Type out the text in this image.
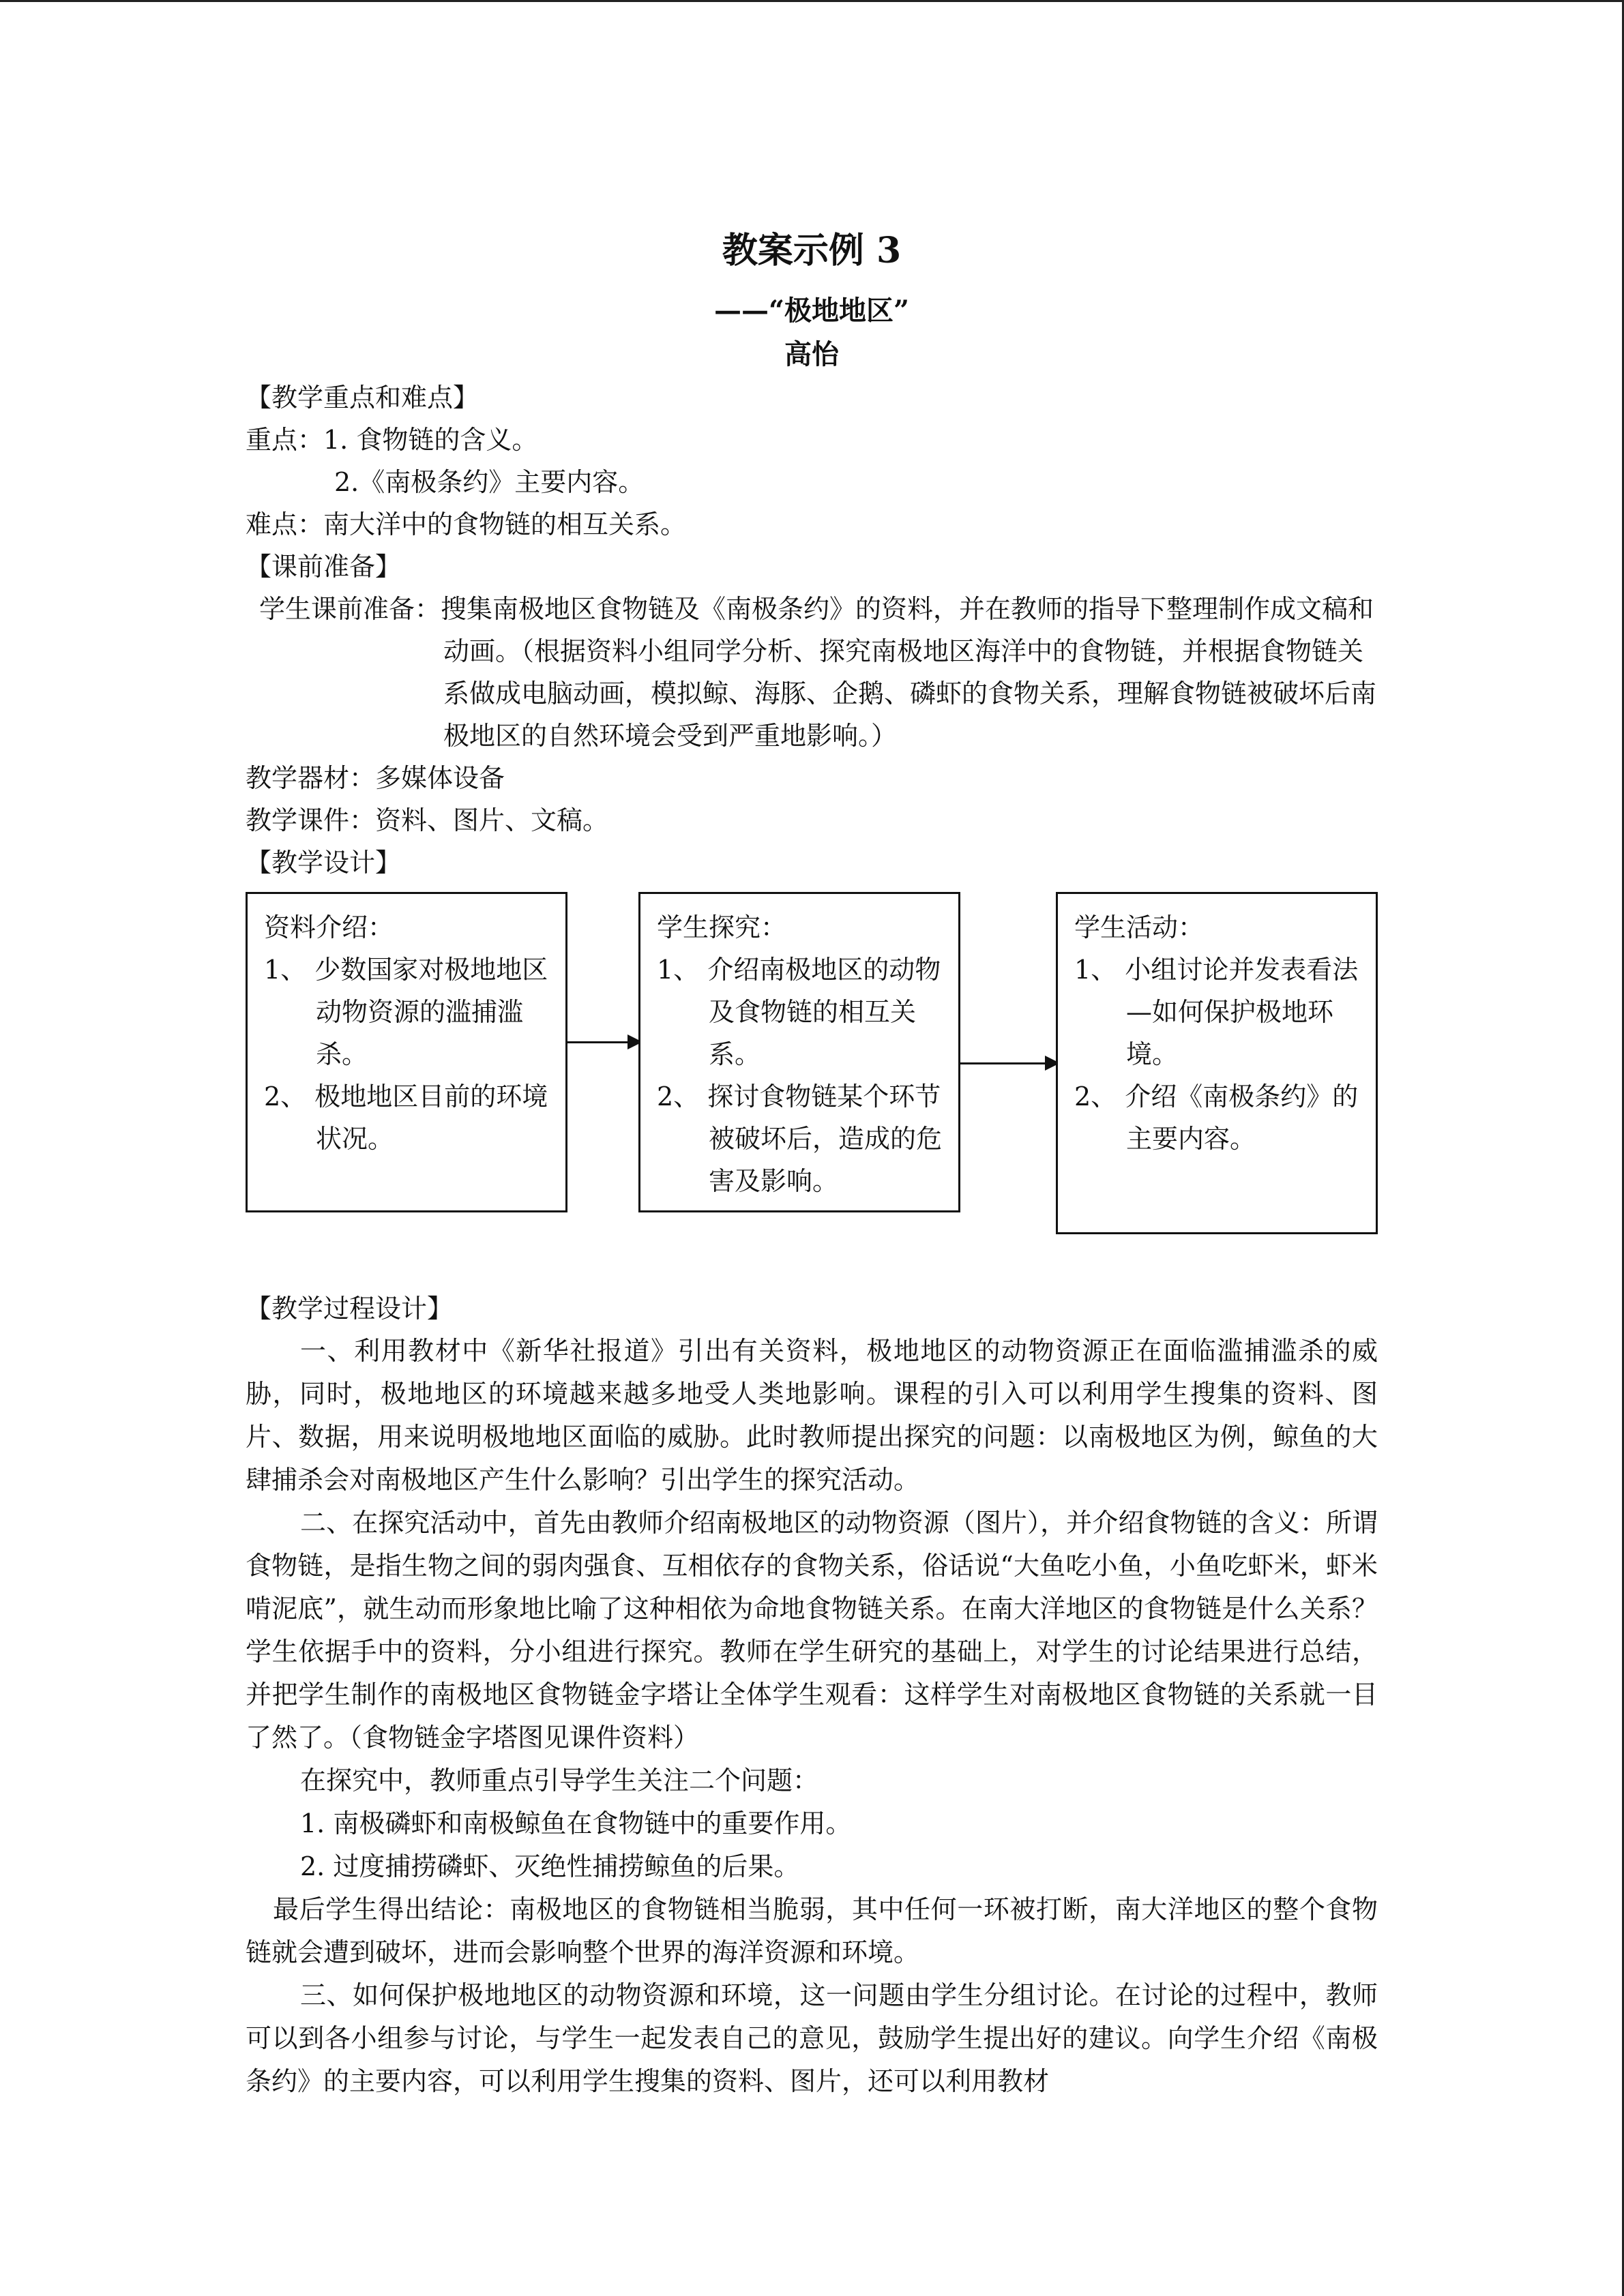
教案示例 3
——“极地地区”
高怡
【教学重点和难点】
重点：1. 食物链的含义。
2.《南极条约》主要内容。
难点：南大洋中的食物链的相互关系。
【课前准备】
学生课前准备：搜集南极地区食物链及《南极条约》的资料，并在教师的指导下整理制作成文稿和动画。（根据资料小组同学分析、探究南极地区海洋中的食物链，并根据食物链关系做成电脑动画，模拟鲸、海豚、企鹅、磷虾的食物关系，理解食物链被破坏后南极地区的自然环境会受到严重地影响。）
教学器材：多媒体设备
教学课件：资料、图片、文稿。
【教学设计】
资料介绍：
1、 少数国家对极地地区动物资源的滥捕滥杀。
2、 极地地区目前的环境状况。
学生探究：
1、 介绍南极地区的动物及食物链的相互关系。
2、 探讨食物链某个环节被破坏后，造成的危害及影响。
学生活动：
1、 小组讨论并发表看法—如何保护极地环境。
2、 介绍《南极条约》的主要内容。
【教学过程设计】
一、利用教材中《新华社报道》引出有关资料，极地地区的动物资源正在面临滥捕滥杀的威胁，同时，极地地区的环境越来越多地受人类地影响。课程的引入可以利用学生搜集的资料、图片、数据，用来说明极地地区面临的威胁。此时教师提出探究的问题：以南极地区为例，鲸鱼的大肆捕杀会对南极地区产生什么影响？引出学生的探究活动。
二、在探究活动中，首先由教师介绍南极地区的动物资源（图片），并介绍食物链的含义：所谓食物链，是指生物之间的弱肉强食、互相依存的食物关系，俗话说“大鱼吃小鱼，小鱼吃虾米，虾米啃泥底”，就生动而形象地比喻了这种相依为命地食物链关系。在南大洋地区的食物链是什么关系？学生依据手中的资料，分小组进行探究。教师在学生研究的基础上，对学生的讨论结果进行总结，并把学生制作的南极地区食物链金字塔让全体学生观看：这样学生对南极地区食物链的关系就一目了然了。（食物链金字塔图见课件资料）
在探究中，教师重点引导学生关注二个问题：
1. 南极磷虾和南极鲸鱼在食物链中的重要作用。
2. 过度捕捞磷虾、灭绝性捕捞鲸鱼的后果。
最后学生得出结论：南极地区的食物链相当脆弱，其中任何一环被打断，南大洋地区的整个食物链就会遭到破坏，进而会影响整个世界的海洋资源和环境。
三、如何保护极地地区的动物资源和环境，这一问题由学生分组讨论。在讨论的过程中，教师可以到各小组参与讨论，与学生一起发表自己的意见，鼓励学生提出好的建议。向学生介绍《南极条约》的主要内容，可以利用学生搜集的资料、图片，还可以利用教材
